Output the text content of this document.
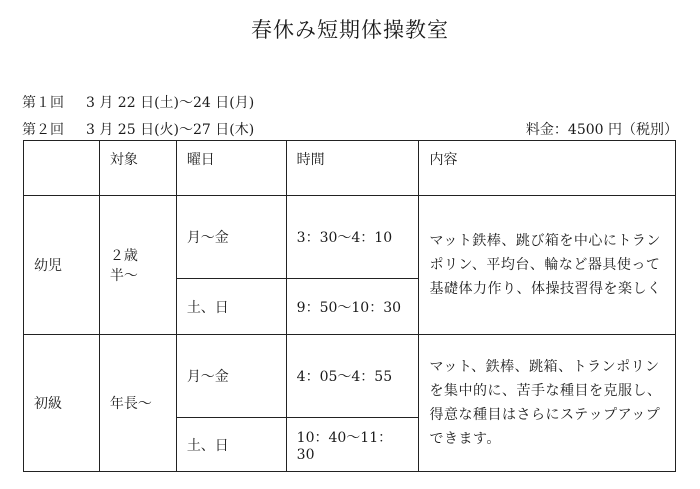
春休み短期体操教室
第１回 3 月 22 日(土)〜24 日(月)
第２回 3 月 25 日(火)〜27 日(木)	料金：4500 円（税別）
	対象	曜日	時間	内容
幼児	２歳半〜	月〜金	3：30〜4：10	マット鉄棒、跳び箱を中心にトランポリン、平均台、輪など器具使って基礎体力作り、体操技習得を楽しく
		土、日	9：50〜10：30	
初級	年長〜	月〜金	4：05〜4：55	マット、鉄棒、跳箱、トランポリンを集中的に、苦手な種目を克服し、得意な種目はさらにステップアップできます。
		土、日	10：40〜11：30	
